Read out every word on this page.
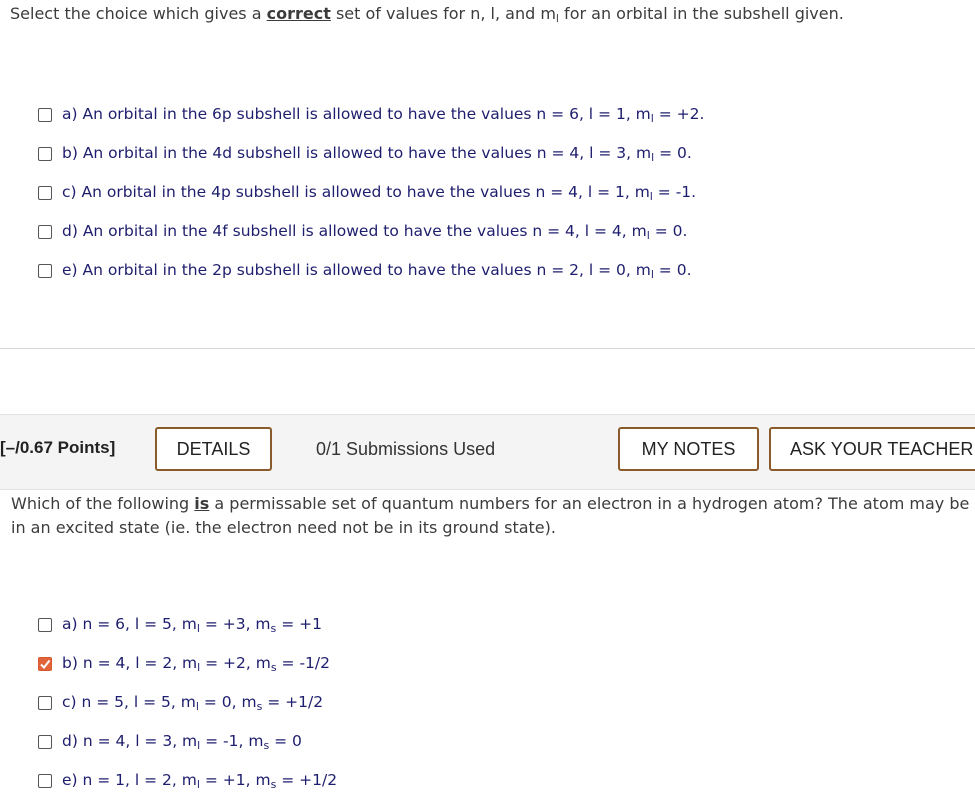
Select the choice which gives a correct set of values for n, l, and $m_l$ for an orbital in the subshell given.
a) An orbital in the 6p subshell is allowed to have the values n = 6, l = 1, $m_l = +2$.
b) An orbital in the 4d subshell is allowed to have the values n = 4, l = 3, $m_l = 0$.
c) An orbital in the 4p subshell is allowed to have the values n = 4, l = 1, $m_l = -1$.
d) An orbital in the 4f subshell is allowed to have the values n = 4, l = 4, $m_l = 0$.
e) An orbital in the 2p subshell is allowed to have the values n = 2, l = 0, $m_l = 0$.
[–/0.67 Points]	DETAILS	0/1 Submissions Used	MY NOTES	ASK YOUR TEACHER
Which of the following is a permissable set of quantum numbers for an electron in a hydrogen atom? The atom may be in an excited state (ie. the electron need not be in its ground state).
a) n = 6, l = 5, $m_l = +3$, $m_s = +1$
b) n = 4, l = 2, $m_l = +2$, $m_s = -1/2$
c) n = 5, l = 5, $m_l = 0$, $m_s = +1/2$
d) n = 4, l = 3, $m_l = -1$, $m_s = 0$
e) n = 1, l = 2, $m_l = +1$, $m_s = +1/2$
